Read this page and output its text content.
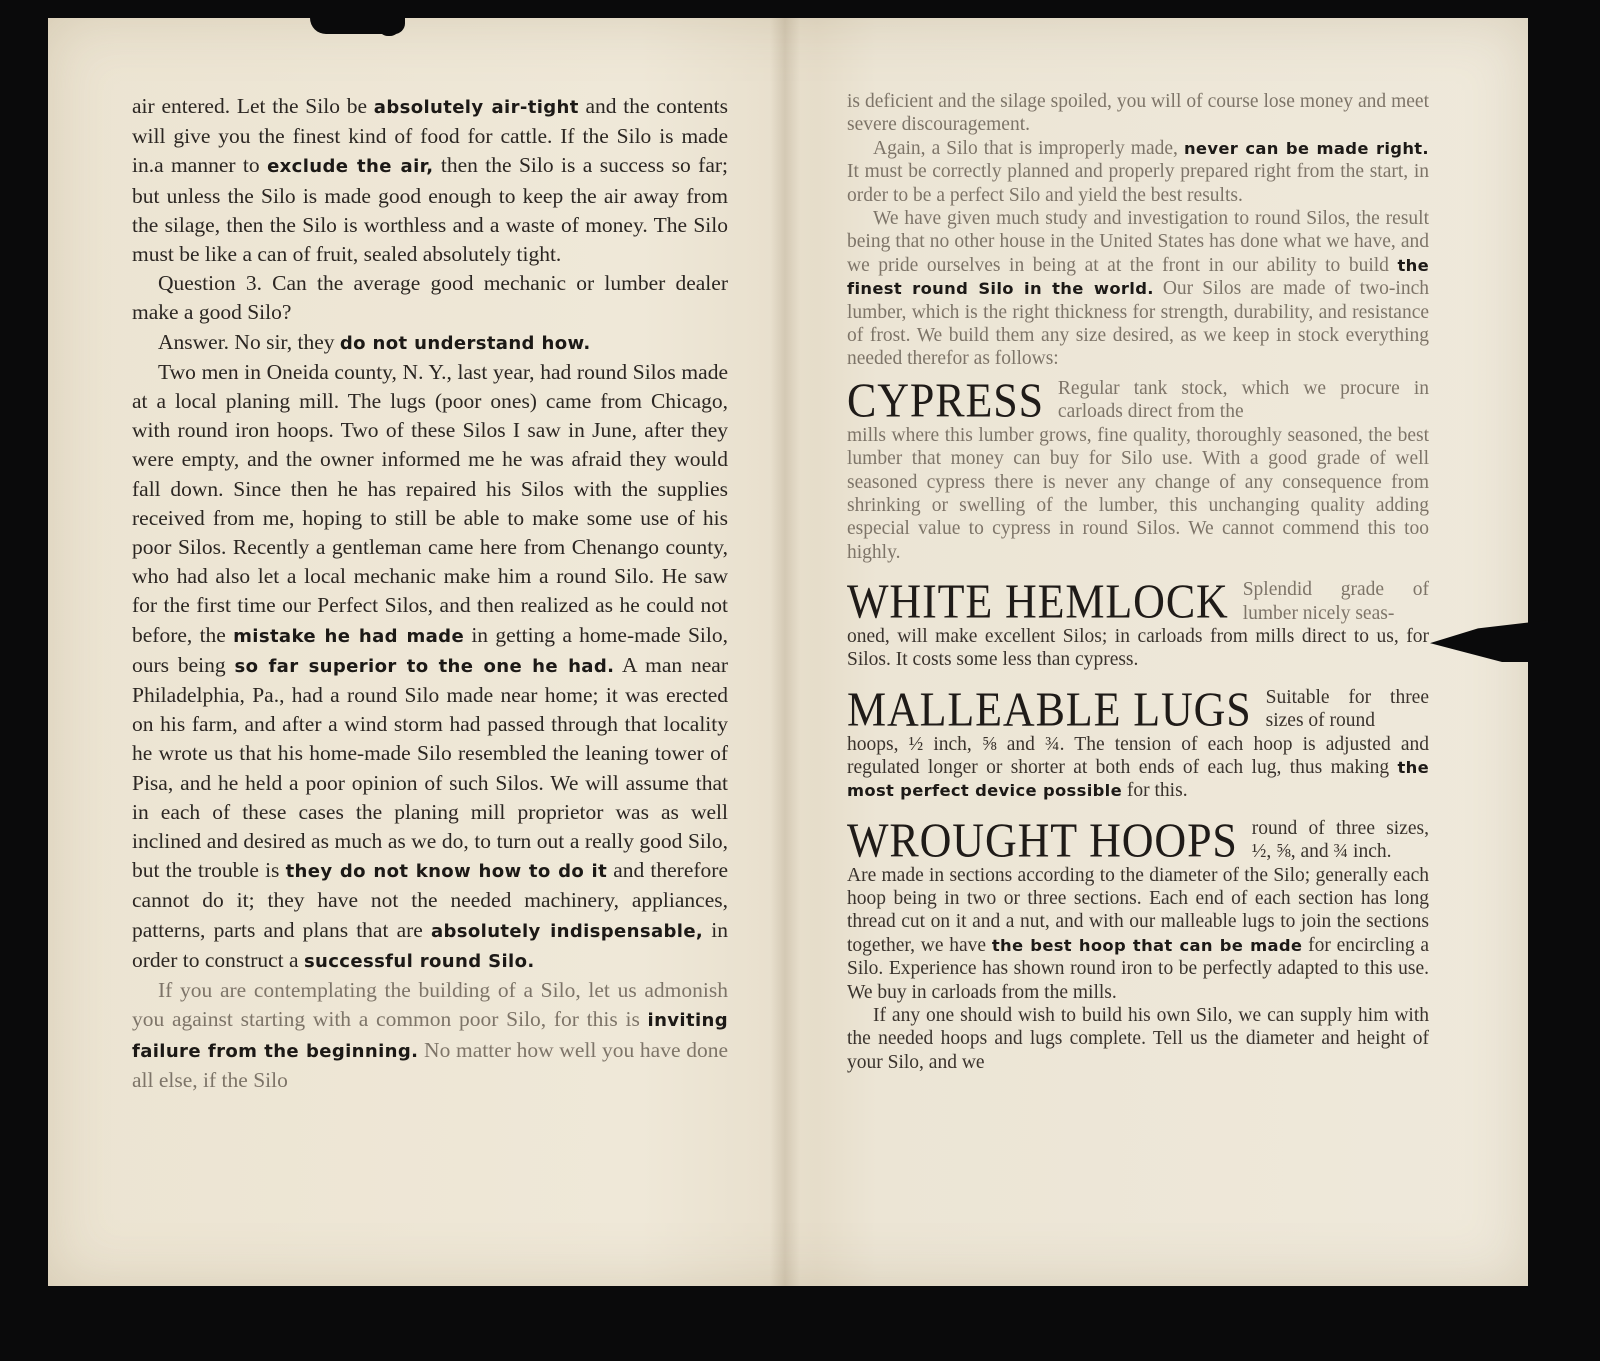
air entered. Let the Silo be absolutely air-tight and the contents will give you the finest kind of food for cattle. If the Silo is made in.a manner to exclude the air, then the Silo is a success so far; but unless the Silo is made good enough to keep the air away from the silage, then the Silo is worthless and a waste of money. The Silo must be like a can of fruit, sealed absolutely tight.

Question 3. Can the average good mechanic or lumber dealer make a good Silo?

Answer. No sir, they do not understand how.

Two men in Oneida county, N. Y., last year, had round Silos made at a local planing mill. The lugs (poor ones) came from Chicago, with round iron hoops. Two of these Silos I saw in June, after they were empty, and the owner informed me he was afraid they would fall down. Since then he has repaired his Silos with the supplies received from me, hoping to still be able to make some use of his poor Silos. Recently a gentleman came here from Chenango county, who had also let a local mechanic make him a round Silo. He saw for the first time our Perfect Silos, and then realized as he could not before, the mistake he had made in getting a home-made Silo, ours being so far superior to the one he had. A man near Philadelphia, Pa., had a round Silo made near home; it was erected on his farm, and after a wind storm had passed through that locality he wrote us that his home-made Silo resembled the leaning tower of Pisa, and he held a poor opinion of such Silos. We will assume that in each of these cases the planing mill proprietor was as well inclined and desired as much as we do, to turn out a really good Silo, but the trouble is they do not know how to do it and therefore cannot do it; they have not the needed machinery, appliances, patterns, parts and plans that are absolutely indispensable, in order to construct a successful round Silo.

If you are contemplating the building of a Silo, let us admonish you against starting with a common poor Silo, for this is inviting failure from the beginning. No matter how well you have done all else, if the Silo

is deficient and the silage spoiled, you will of course lose money and meet severe discouragement.

Again, a Silo that is improperly made, never can be made right. It must be correctly planned and properly prepared right from the start, in order to be a perfect Silo and yield the best results.

We have given much study and investigation to round Silos, the result being that no other house in the United States has done what we have, and we pride ourselves in being at at the front in our ability to build the finest round Silo in the world. Our Silos are made of two-inch lumber, which is the right thickness for strength, durability, and resistance of frost. We build them any size desired, as we keep in stock everything needed therefor as follows:

CYPRESS Regular tank stock, which we procure in carloads direct from the

mills where this lumber grows, fine quality, thoroughly seasoned, the best lumber that money can buy for Silo use. With a good grade of well seasoned cypress there is never any change of any consequence from shrinking or swelling of the lumber, this unchanging quality adding especial value to cypress in round Silos. We cannot commend this too highly.

WHITE HEMLOCK Splendid grade of lumber nicely seas-

oned, will make excellent Silos; in carloads from mills direct to us, for Silos. It costs some less than cypress.

MALLEABLE LUGS Suitable for three sizes of round

hoops, ½ inch, ⅝ and ¾. The tension of each hoop is adjusted and regulated longer or shorter at both ends of each lug, thus making the most perfect device possible for this.

WROUGHT HOOPS round of three sizes, ½, ⅝, and ¾ inch.

Are made in sections according to the diameter of the Silo; generally each hoop being in two or three sections. Each end of each section has long thread cut on it and a nut, and with our malleable lugs to join the sections together, we have the best hoop that can be made for encircling a Silo. Experience has shown round iron to be perfectly adapted to this use. We buy in carloads from the mills.

If any one should wish to build his own Silo, we can supply him with the needed hoops and lugs complete. Tell us the diameter and height of your Silo, and we
